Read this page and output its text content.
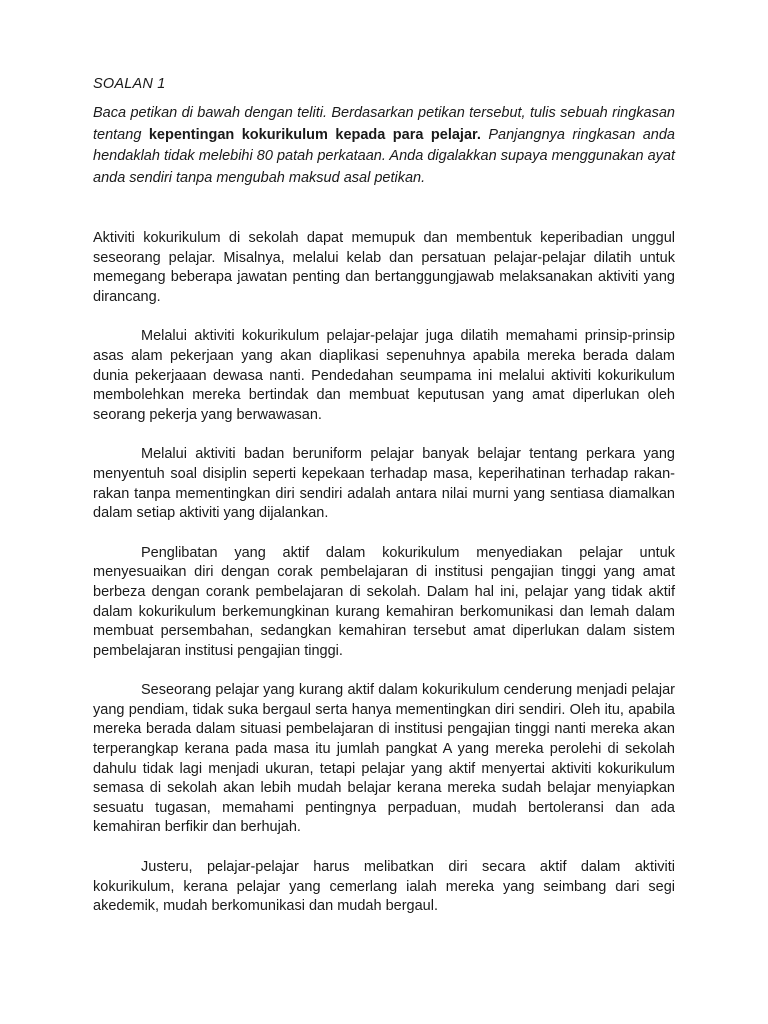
SOALAN 1
Baca petikan di bawah dengan teliti. Berdasarkan petikan tersebut, tulis sebuah ringkasan tentang kepentingan kokurikulum kepada para pelajar. Panjangnya ringkasan anda hendaklah tidak melebihi 80 patah perkataan. Anda digalakkan supaya menggunakan ayat anda sendiri tanpa mengubah maksud asal petikan.

Aktiviti kokurikulum di sekolah dapat memupuk dan membentuk keperibadian unggul seseorang pelajar. Misalnya, melalui kelab dan persatuan pelajar-pelajar dilatih untuk memegang beberapa jawatan penting dan bertanggungjawab melaksanakan aktiviti yang dirancang.

Melalui aktiviti kokurikulum pelajar-pelajar juga dilatih memahami prinsip-prinsip asas alam pekerjaan yang akan diaplikasi sepenuhnya apabila mereka berada dalam dunia pekerjaaan dewasa nanti. Pendedahan seumpama ini melalui aktiviti kokurikulum membolehkan mereka bertindak dan membuat keputusan yang amat diperlukan oleh seorang pekerja yang berwawasan.

Melalui aktiviti badan beruniform pelajar banyak belajar tentang perkara yang menyentuh soal disiplin seperti kepekaan terhadap masa, keperihatinan terhadap rakan-rakan tanpa mementingkan diri sendiri adalah antara nilai murni yang sentiasa diamalkan dalam setiap aktiviti yang dijalankan.

Penglibatan yang aktif dalam kokurikulum menyediakan pelajar untuk menyesuaikan diri dengan corak pembelajaran di institusi pengajian tinggi yang amat berbeza dengan corank pembelajaran di sekolah. Dalam hal ini, pelajar yang tidak aktif dalam kokurikulum berkemungkinan kurang kemahiran berkomunikasi dan lemah dalam membuat persembahan, sedangkan kemahiran tersebut amat diperlukan dalam sistem pembelajaran institusi pengajian tinggi.

Seseorang pelajar yang kurang aktif dalam kokurikulum cenderung menjadi pelajar yang pendiam, tidak suka bergaul serta hanya mementingkan diri sendiri. Oleh itu, apabila mereka berada dalam situasi pembelajaran di institusi pengajian tinggi nanti mereka akan terperangkap kerana pada masa itu jumlah pangkat A yang mereka perolehi di sekolah dahulu tidak lagi menjadi ukuran, tetapi pelajar yang aktif menyertai aktiviti kokurikulum semasa di sekolah akan lebih mudah belajar kerana mereka sudah belajar menyiapkan sesuatu tugasan, memahami pentingnya perpaduan, mudah bertoleransi dan ada kemahiran berfikir dan berhujah.

Justeru, pelajar-pelajar harus melibatkan diri secara aktif dalam aktiviti kokurikulum, kerana pelajar yang cemerlang ialah mereka yang seimbang dari segi akedemik, mudah berkomunikasi dan mudah bergaul.
